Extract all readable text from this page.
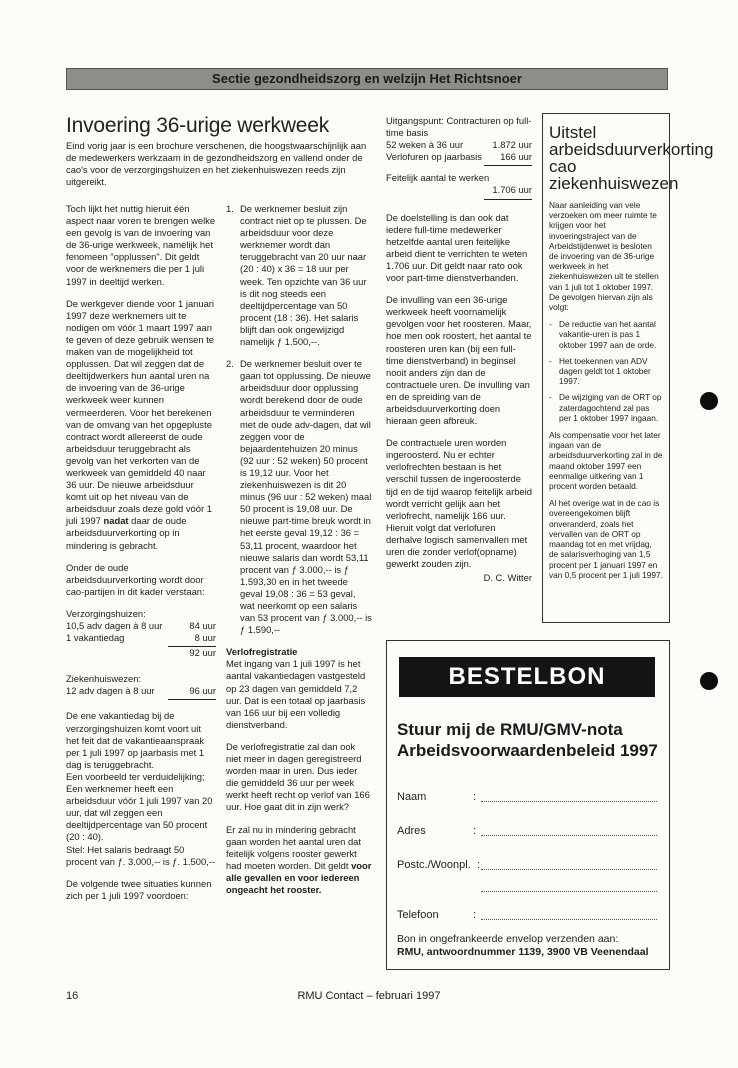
Sectie gezondheidszorg en welzijn Het Richtsnoer
Invoering 36-urige werkweek
Eind vorig jaar is een brochure verschenen, die hoogstwaarschijnlijk aan de medewerkers werkzaam in de gezondheidszorg en vallend onder de cao's voor de verzorgingshuizen en het ziekenhuiswezen reeds zijn uitgereikt.

Toch lijkt het nuttig hieruit één aspect naar voren te brengen welke een gevolg is van de invoering van de 36-urige werkweek, namelijk het fenomeen "opplussen". Dit geldt voor de werknemers die per 1 juli 1997 in deeltijd werken.

De werkgever diende voor 1 januari 1997 deze werknemers uit te nodigen om vóór 1 maart 1997 aan te geven of deze gebruik wensen te maken van de mogelijkheid tot opplussen. Dat wil zeggen dat de deeltijdwerkers hun aantal uren na de invoering van de 36-urige werkweek weer kunnen vermeerderen. Voor het berekenen van de omvang van het opgepluste contract wordt allereerst de oude arbeidsduur teruggebracht als gevolg van het verkorten van de werkweek van gemiddeld 40 naar 36 uur. De nieuwe arbeidsduur komt uit op het niveau van de arbeidsduur zoals deze gold vóór 1 juli 1997 nadat daar de oude arbeidsduurverkorting op in mindering is gebracht.

Onder de oude arbeidsduurverkorting wordt door cao-partijen in dit kader verstaan:

Verzorgingshuizen:
10,5 adv dagen à 8 uur	84 uur
1 vakantiedag	8 uur
92 uur
Ziekenhuiswezen:
12 adv dagen à 8 uur	96 uur

De ene vakantiedag bij de verzorgingshuizen komt voort uit het feit dat de vakantieaanspraak per 1 juli 1997 op jaarbasis met 1 dag is teruggebracht.

Een voorbeeld ter verduidelijking; Een werknemer heeft een arbeidsduur vóór 1 juli 1997 van 20 uur, dat wil zeggen een deeltijdpercentage van 50 procent (20 : 40).

Stel: Het salaris bedraagt 50 procent van ƒ. 3.000,-- is ƒ. 1.500,--

De volgende twee situaties kunnen zich per 1 juli 1997 voordoen:

1. De werknemer besluit zijn contract niet op te plussen. De arbeidsduur voor deze werknemer wordt dan teruggebracht van 20 uur naar (20 : 40) x 36 = 18 uur per week. Ten opzichte van 36 uur is dit nog steeds een deeltijdpercentage van 50 procent (18 : 36). Het salaris blijft dan ook ongewijzigd namelijk ƒ 1.500,--.
2. De werknemer besluit over te gaan tot opplussing. De nieuwe arbeidsduur door opplussing wordt berekend door de oude arbeidsduur te verminderen met de oude adv-dagen, dat wil zeggen voor de bejaardentehuizen 20 minus (92 uur : 52 weken) 50 procent is 19,12 uur. Voor het ziekenhuiswezen is dit 20 minus (96 uur : 52 weken) maal 50 procent is 19,08 uur. De nieuwe part-time breuk wordt in het eerste geval 19,12 : 36 = 53,11 procent, waardoor het nieuwe salaris dan wordt 53,11 procent van ƒ 3.000,-- is ƒ 1.593,30 en in het tweede geval 19,08 : 36 = 53 geval, wat neerkomt op een salaris van 53 procent van ƒ 3.000,-- is ƒ 1.590,--
Verlofregistratie

Met ingang van 1 juli 1997 is het aantal vakantiedagen vastgesteld op 23 dagen van gemiddeld 7,2 uur. Dat is een totaal op jaarbasis van 166 uur bij een volledig dienstverband.

De verlofregistratie zal dan ook niet meer in dagen geregistreerd worden maar in uren. Dus ieder die gemiddeld 36 uur per week werkt heeft recht op verlof van 166 uur. Hoe gaat dit in zijn werk?

Er zal nu in mindering gebracht gaan worden het aantal uren dat feitelijk volgens rooster gewerkt had moeten worden. Dit geldt voor alle gevallen en voor iedereen ongeacht het rooster.

Uitgangspunt: Contracturen op full-time basis
52 weken à 36 uur	1.872 uur
Verlofuren op jaarbasis 166 uur
Feitelijk aantal te werken
1.706 uur

De doelstelling is dan ook dat iedere full-time medewerker hetzelfde aantal uren feitelijke arbeid dient te verrichten te weten 1.706 uur. Dit geldt naar rato ook voor part-time dienstverbanden.

De invulling van een 36-urige werkweek heeft voornamelijk gevolgen voor het roosteren. Maar, hoe men ook roostert, het aantal te roosteren uren kan (bij een full-time dienstverband) in beginsel nooit anders zijn dan de contractuele uren. De invulling van en de spreiding van de arbeidsduurverkorting doen hieraan geen afbreuk.

De contractuele uren worden ingeroosterd. Nu er echter verlofrechten bestaan is het verschil tussen de ingeroosterde tijd en de tijd waarop feitelijk arbeid wordt verricht gelijk aan het verlofrecht, namelijk 166 uur. Hieruit volgt dat verlofuren derhalve logisch samenvallen met uren die zonder verlof(opname) gewerkt zouden zijn.

D. C. Witter
Uitstel arbeidsduurverkorting cao ziekenhuiswezen

Naar aanleiding van vele verzoeken om meer ruimte te krijgen voor het invoeringstraject van de Arbeidstijdenwet is besloten de invoering van de 36-urige werkweek in het ziekenhuiswezen uit te stellen van 1 juli tot 1 oktober 1997. De gevolgen hiervan zijn als volgt:

- De reductie van het aantal vakantie-uren is pas 1 oktober 1997 aan de orde.
- Het toekennen van ADV dagen geldt tot 1 oktober 1997.
- De wijziging van de ORT op zaterdagochtend zal pas per 1 oktober 1997 ingaan.

Als compensatie voor het later ingaan van de arbeidsduurverkorting zal in de maand oktober 1997 een eenmalige uitkering van 1 procent worden betaald.

Al het overige wat in de cao is overeengekomen blijft onveranderd, zoals het vervallen van de ORT op maandag tot en met vrijdag, de salarisverhoging van 1,5 procent per 1 januari 1997 en van 0,5 procent per 1 juli 1997.

BESTELBON
Stuur mij de RMU/GMV-nota Arbeidsvoorwaardenbeleid 1997
Naam	:
Adres	:
Postc./Woonpl. :
Telefoon	:
Bon in ongefrankeerde envelop verzenden aan:
RMU, antwoordnummer 1139, 3900 VB Veenendaal
16	RMU Contact – februari 1997
